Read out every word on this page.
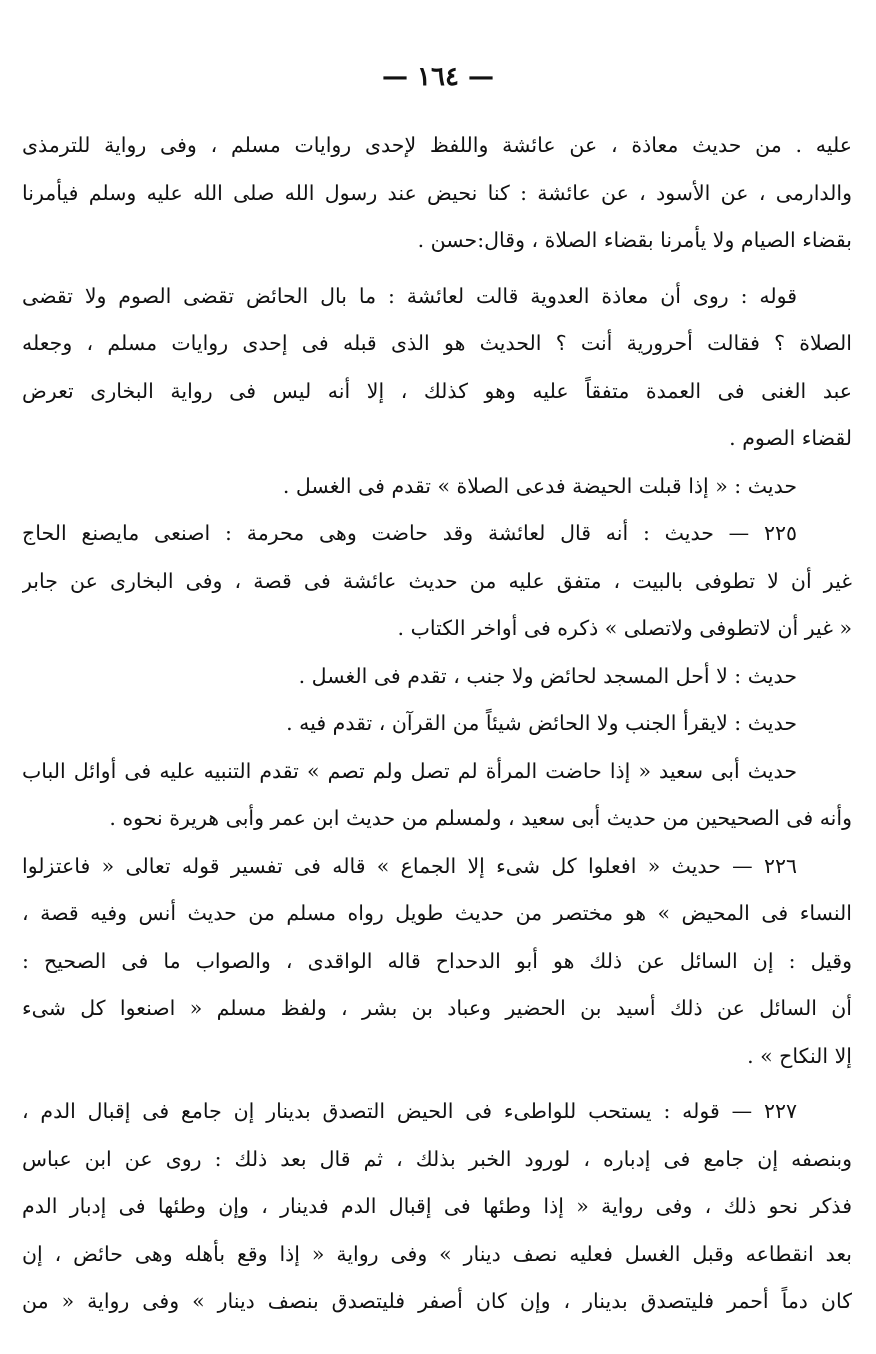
— ١٦٤ —
عليه . من حديث معاذة ، عن عائشة واللفظ لإحدى روايات مسلم ، وفى رواية للترمذى
والدارمى ، عن الأسود ، عن عائشة : كنا نحيض عند رسول الله صلى الله عليه وسلم فيأمرنا
بقضاء الصيام ولا يأمرنا بقضاء الصلاة ، وقال:حسن .
قوله : روى أن معاذة العدوية قالت لعائشة : ما بال الحائض تقضى الصوم ولا تقضى
الصلاة ؟ فقالت أحرورية أنت ؟ الحديث هو الذى قبله فى إحدى روايات مسلم ، وجعله
عبد الغنى فى العمدة متفقاً عليه وهو كذلك ، إلا أنه ليس فى رواية البخارى تعرض
لقضاء الصوم .
حديث : « إذا قبلت الحيضة فدعى الصلاة » تقدم فى الغسل .
٢٢٥ — حديث : أنه قال لعائشة وقد حاضت وهى محرمة : اصنعى مايصنع الحاج
غير أن لا تطوفى بالبيت ، متفق عليه من حديث عائشة فى قصة ، وفى البخارى عن جابر
« غير أن لاتطوفى ولاتصلى » ذكره فى أواخر الكتاب .
حديث : لا أحل المسجد لحائض ولا جنب ، تقدم فى الغسل .
حديث : لايقرأ الجنب ولا الحائض شيئاً من القرآن ، تقدم فيه .
حديث أبى سعيد « إذا حاضت المرأة لم تصل ولم تصم » تقدم التنبيه عليه فى أوائل الباب
وأنه فى الصحيحين من حديث أبى سعيد ، ولمسلم من حديث ابن عمر وأبى هريرة نحوه .
٢٢٦ — حديث « افعلوا كل شىء إلا الجماع » قاله فى تفسير قوله تعالى « فاعتزلوا
النساء فى المحيض » هو مختصر من حديث طويل رواه مسلم من حديث أنس وفيه قصة ،
وقيل : إن السائل عن ذلك هو أبو الدحداح قاله الواقدى ، والصواب ما فى الصحيح :
أن السائل عن ذلك أسيد بن الحضير وعباد بن بشر ، ولفظ مسلم « اصنعوا كل شىء
إلا النكاح » .
٢٢٧ — قوله : يستحب للواطىء فى الحيض التصدق بدينار إن جامع فى إقبال الدم ،
وبنصفه إن جامع فى إدباره ، لورود الخبر بذلك ، ثم قال بعد ذلك : روى عن ابن عباس
فذكر نحو ذلك ، وفى رواية « إذا وطئها فى إقبال الدم فدينار ، وإن وطئها فى إدبار الدم
بعد انقطاعه وقبل الغسل فعليه نصف دينار » وفى رواية « إذا وقع بأهله وهى حائض ، إن
كان دماً أحمر فليتصدق بدينار ، وإن كان أصفر فليتصدق بنصف دينار » وفى رواية « من
